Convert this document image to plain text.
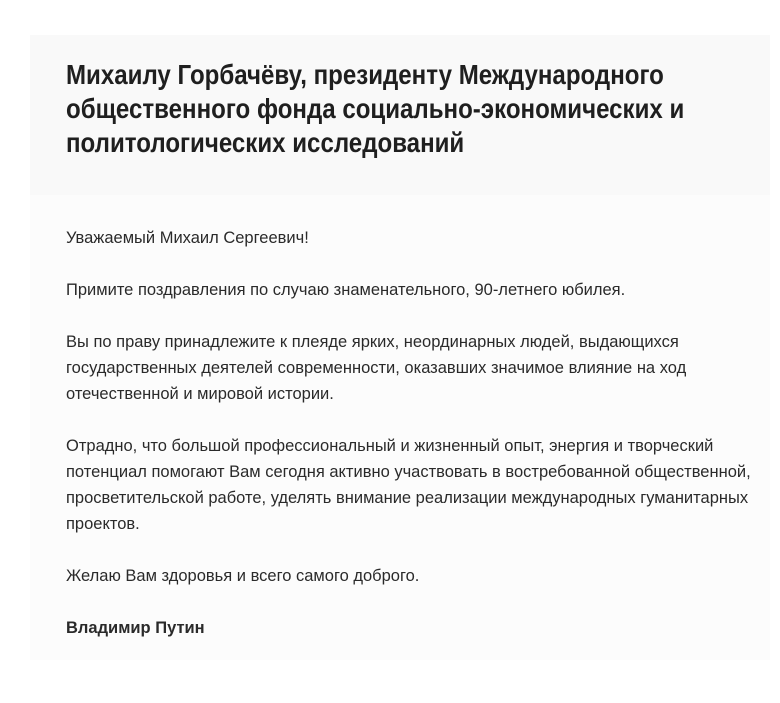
Михаилу Горбачёву, президенту Международного общественного фонда социально-экономических и политологических исследований

Уважаемый Михаил Сергеевич!

Примите поздравления по случаю знаменательного, 90-летнего юбилея.

Вы по праву принадлежите к плеяде ярких, неординарных людей, выдающихся государственных деятелей современности, оказавших значимое влияние на ход отечественной и мировой истории.

Отрадно, что большой профессиональный и жизненный опыт, энергия и творческий потенциал помогают Вам сегодня активно участвовать в востребованной общественной, просветительской работе, уделять внимание реализации международных гуманитарных проектов.

Желаю Вам здоровья и всего самого доброго.

Владимир Путин
